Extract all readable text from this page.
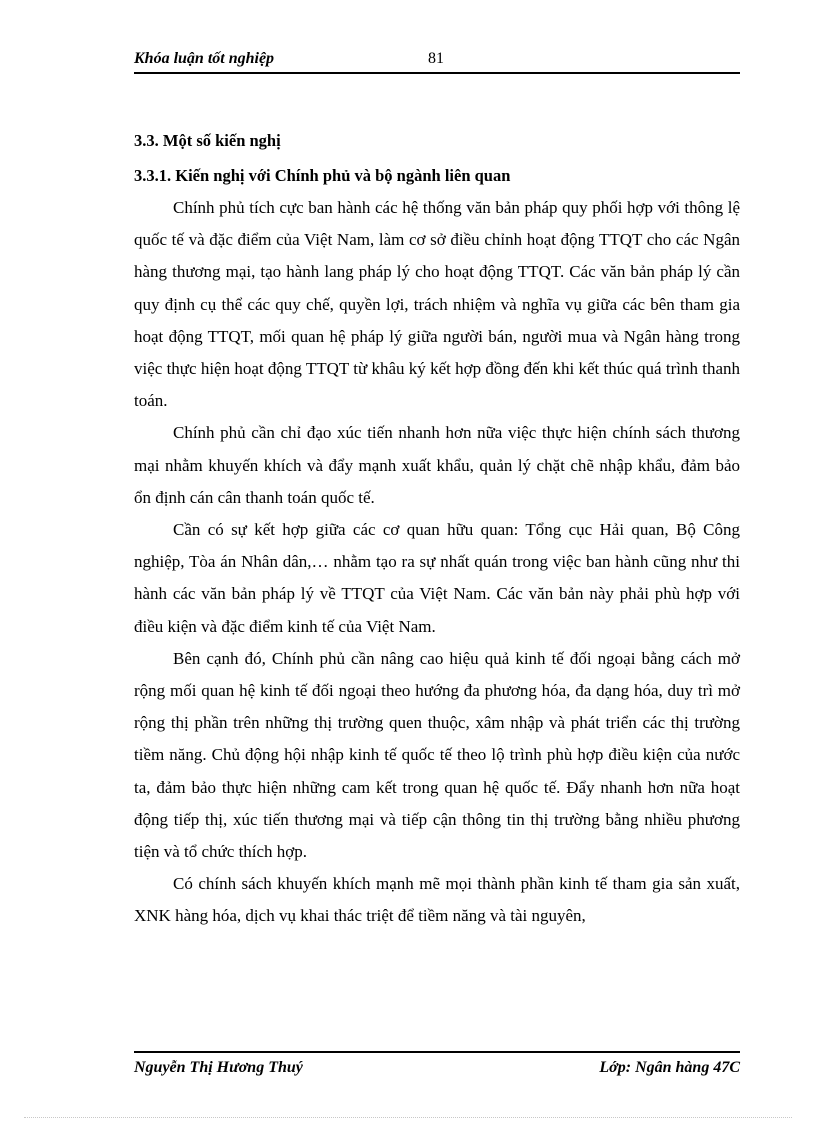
Khóa luận tốt nghiệp	81

3.3. Một số kiến nghị

3.3.1. Kiến nghị với Chính phủ và bộ ngành liên quan

Chính phủ tích cực ban hành các hệ thống văn bản pháp quy phối hợp với thông lệ quốc tế và đặc điểm của Việt Nam, làm cơ sở điều chỉnh hoạt động TTQT cho các Ngân hàng thương mại, tạo hành lang pháp lý cho hoạt động TTQT. Các văn bản pháp lý cần quy định cụ thể các quy chế, quyền lợi, trách nhiệm và nghĩa vụ giữa các bên tham gia hoạt động TTQT, mối quan hệ pháp lý giữa người bán, người mua và Ngân hàng trong việc thực hiện hoạt động TTQT từ khâu ký kết hợp đồng đến khi kết thúc quá trình thanh toán.

Chính phủ cần chỉ đạo xúc tiến nhanh hơn nữa việc thực hiện chính sách thương mại nhằm khuyến khích và đẩy mạnh xuất khẩu, quản lý chặt chẽ nhập khẩu, đảm bảo ổn định cán cân thanh toán quốc tế.

Cần có sự kết hợp giữa các cơ quan hữu quan: Tổng cục Hải quan, Bộ Công nghiệp, Tòa án Nhân dân,… nhằm tạo ra sự nhất quán trong việc ban hành cũng như thi hành các văn bản pháp lý về TTQT của Việt Nam. Các văn bản này phải phù hợp với điều kiện và đặc điểm kinh tế của Việt Nam.

Bên cạnh đó, Chính phủ cần nâng cao hiệu quả kinh tế đối ngoại bằng cách mở rộng mối quan hệ kinh tế đối ngoại theo hướng đa phương hóa, đa dạng hóa, duy trì mở rộng thị phần trên những thị trường quen thuộc, xâm nhập và phát triển các thị trường tiềm năng. Chủ động hội nhập kinh tế quốc tế theo lộ trình phù hợp điều kiện của nước ta, đảm bảo thực hiện những cam kết trong quan hệ quốc tế. Đẩy nhanh hơn nữa hoạt động tiếp thị, xúc tiến thương mại và tiếp cận thông tin thị trường bằng nhiều phương tiện và tổ chức thích hợp.

Có chính sách khuyến khích mạnh mẽ mọi thành phần kinh tế tham gia sản xuất, XNK hàng hóa, dịch vụ khai thác triệt để tiềm năng và tài nguyên,

Nguyễn Thị Hương Thuý	Lớp: Ngân hàng 47C
